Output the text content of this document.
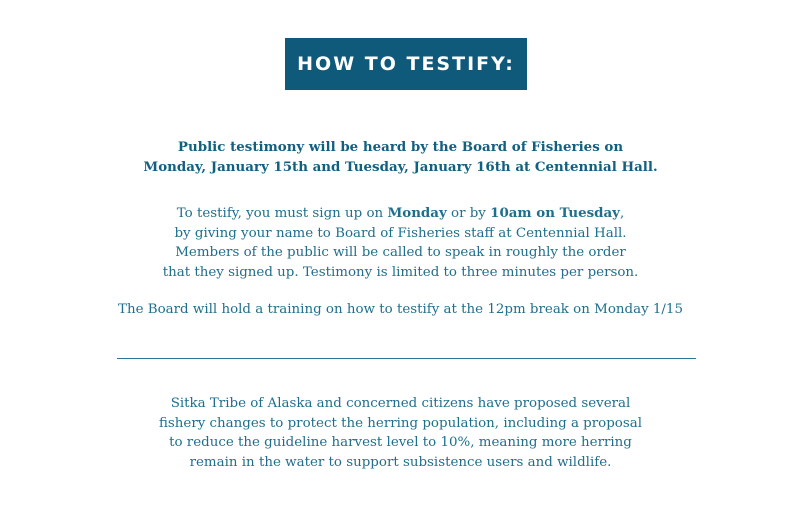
HOW TO TESTIFY:
Public testimony will be heard by the Board of Fisheries on
Monday, January 15th and Tuesday, January 16th at Centennial Hall.
To testify, you must sign up on Monday or by 10am on Tuesday,
by giving your name to Board of Fisheries staff at Centennial Hall.
Members of the public will be called to speak in roughly the order
that they signed up. Testimony is limited to three minutes per person.
The Board will hold a training on how to testify at the 12pm break on Monday 1/15
Sitka Tribe of Alaska and concerned citizens have proposed several
fishery changes to protect the herring population, including a proposal
to reduce the guideline harvest level to 10%, meaning more herring
remain in the water to support subsistence users and wildlife.
